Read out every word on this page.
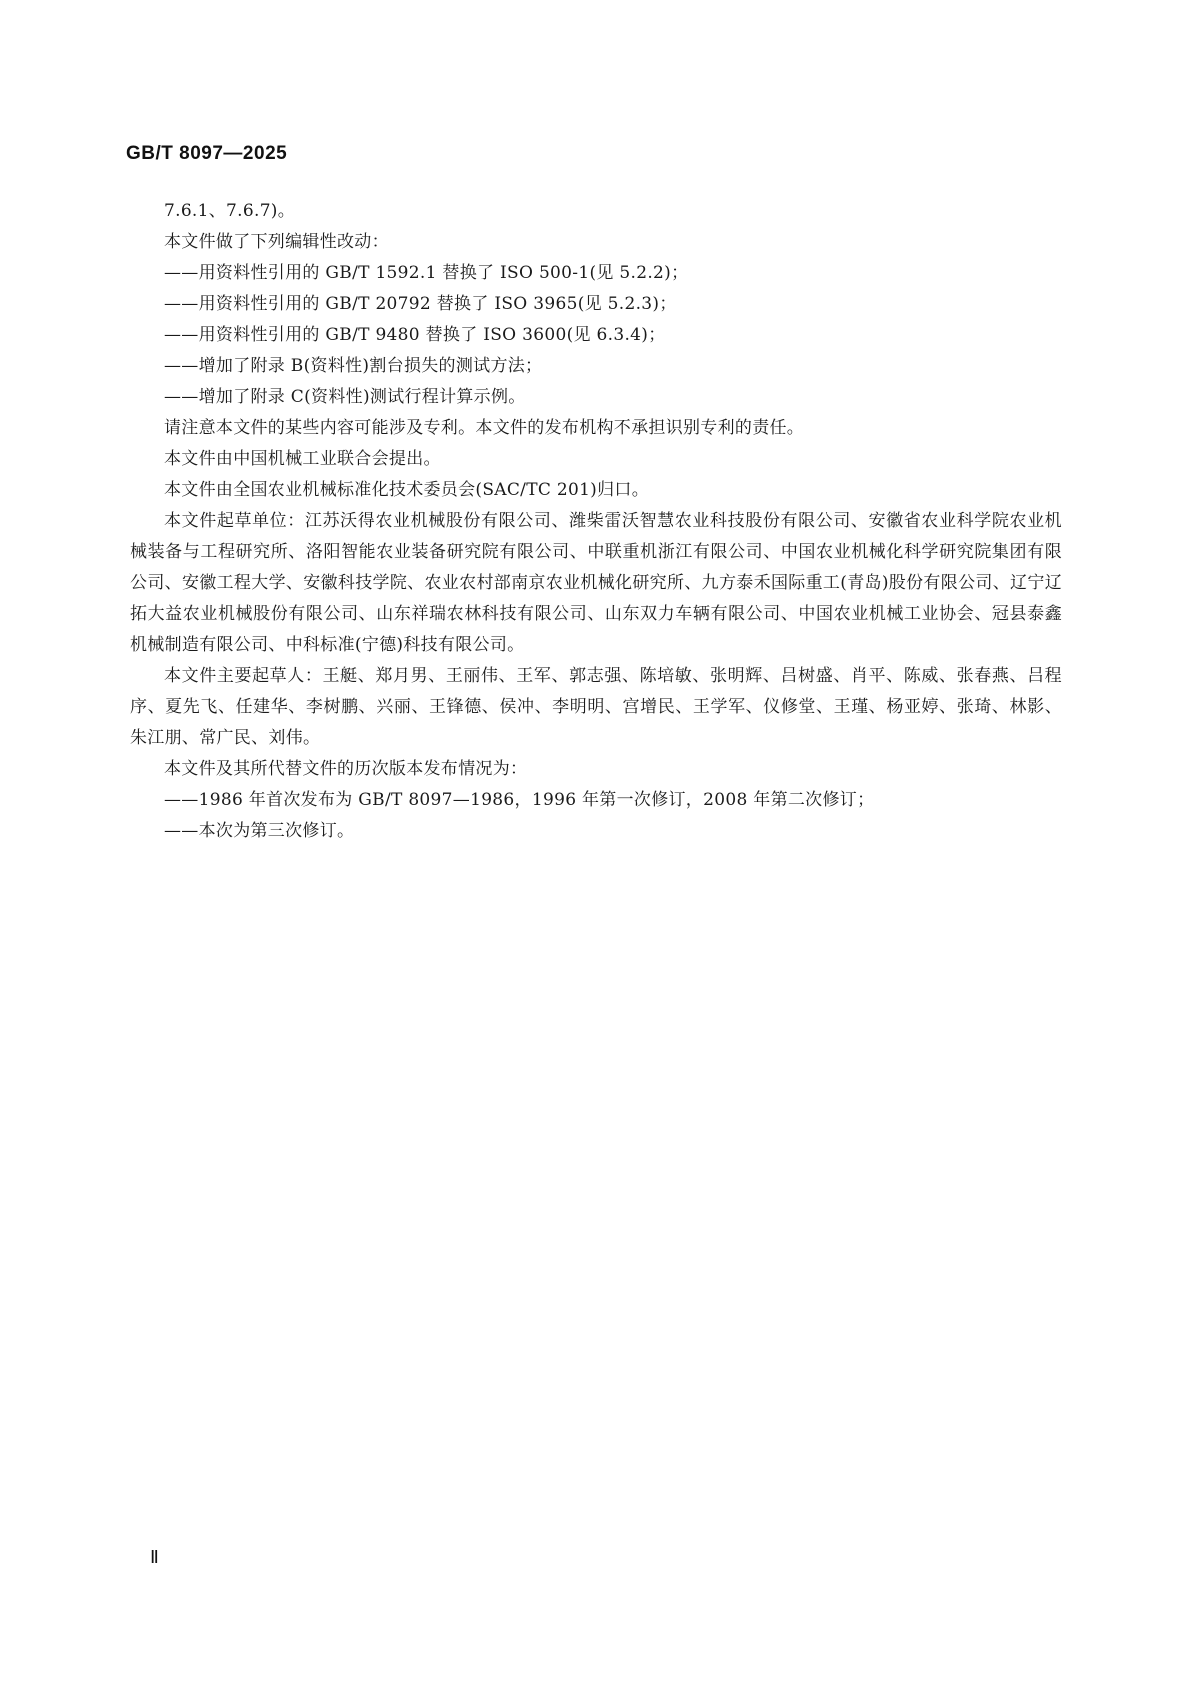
GB/T 8097—2025

7.6.1、7.6.7)。

本文件做了下列编辑性改动：

——用资料性引用的 GB/T 1592.1 替换了 ISO 500-1(见 5.2.2)；

——用资料性引用的 GB/T 20792 替换了 ISO 3965(见 5.2.3)；

——用资料性引用的 GB/T 9480 替换了 ISO 3600(见 6.3.4)；

——增加了附录 B(资料性)割台损失的测试方法；

——增加了附录 C(资料性)测试行程计算示例。

请注意本文件的某些内容可能涉及专利。本文件的发布机构不承担识别专利的责任。

本文件由中国机械工业联合会提出。

本文件由全国农业机械标准化技术委员会(SAC/TC 201)归口。

本文件起草单位：江苏沃得农业机械股份有限公司、潍柴雷沃智慧农业科技股份有限公司、安徽省农业科学院农业机械装备与工程研究所、洛阳智能农业装备研究院有限公司、中联重机浙江有限公司、中国农业机械化科学研究院集团有限公司、安徽工程大学、安徽科技学院、农业农村部南京农业机械化研究所、九方泰禾国际重工(青岛)股份有限公司、辽宁辽拓大益农业机械股份有限公司、山东祥瑞农林科技有限公司、山东双力车辆有限公司、中国农业机械工业协会、冠县泰鑫机械制造有限公司、中科标准(宁德)科技有限公司。

本文件主要起草人：王艇、郑月男、王丽伟、王军、郭志强、陈培敏、张明辉、吕树盛、肖平、陈威、张春燕、吕程序、夏先飞、任建华、李树鹏、兴丽、王锋德、侯冲、李明明、宫增民、王学军、仪修堂、王瑾、杨亚婷、张琦、林影、朱江朋、常广民、刘伟。

本文件及其所代替文件的历次版本发布情况为：

——1986 年首次发布为 GB/T 8097—1986，1996 年第一次修订，2008 年第二次修订；

——本次为第三次修订。

Ⅱ
